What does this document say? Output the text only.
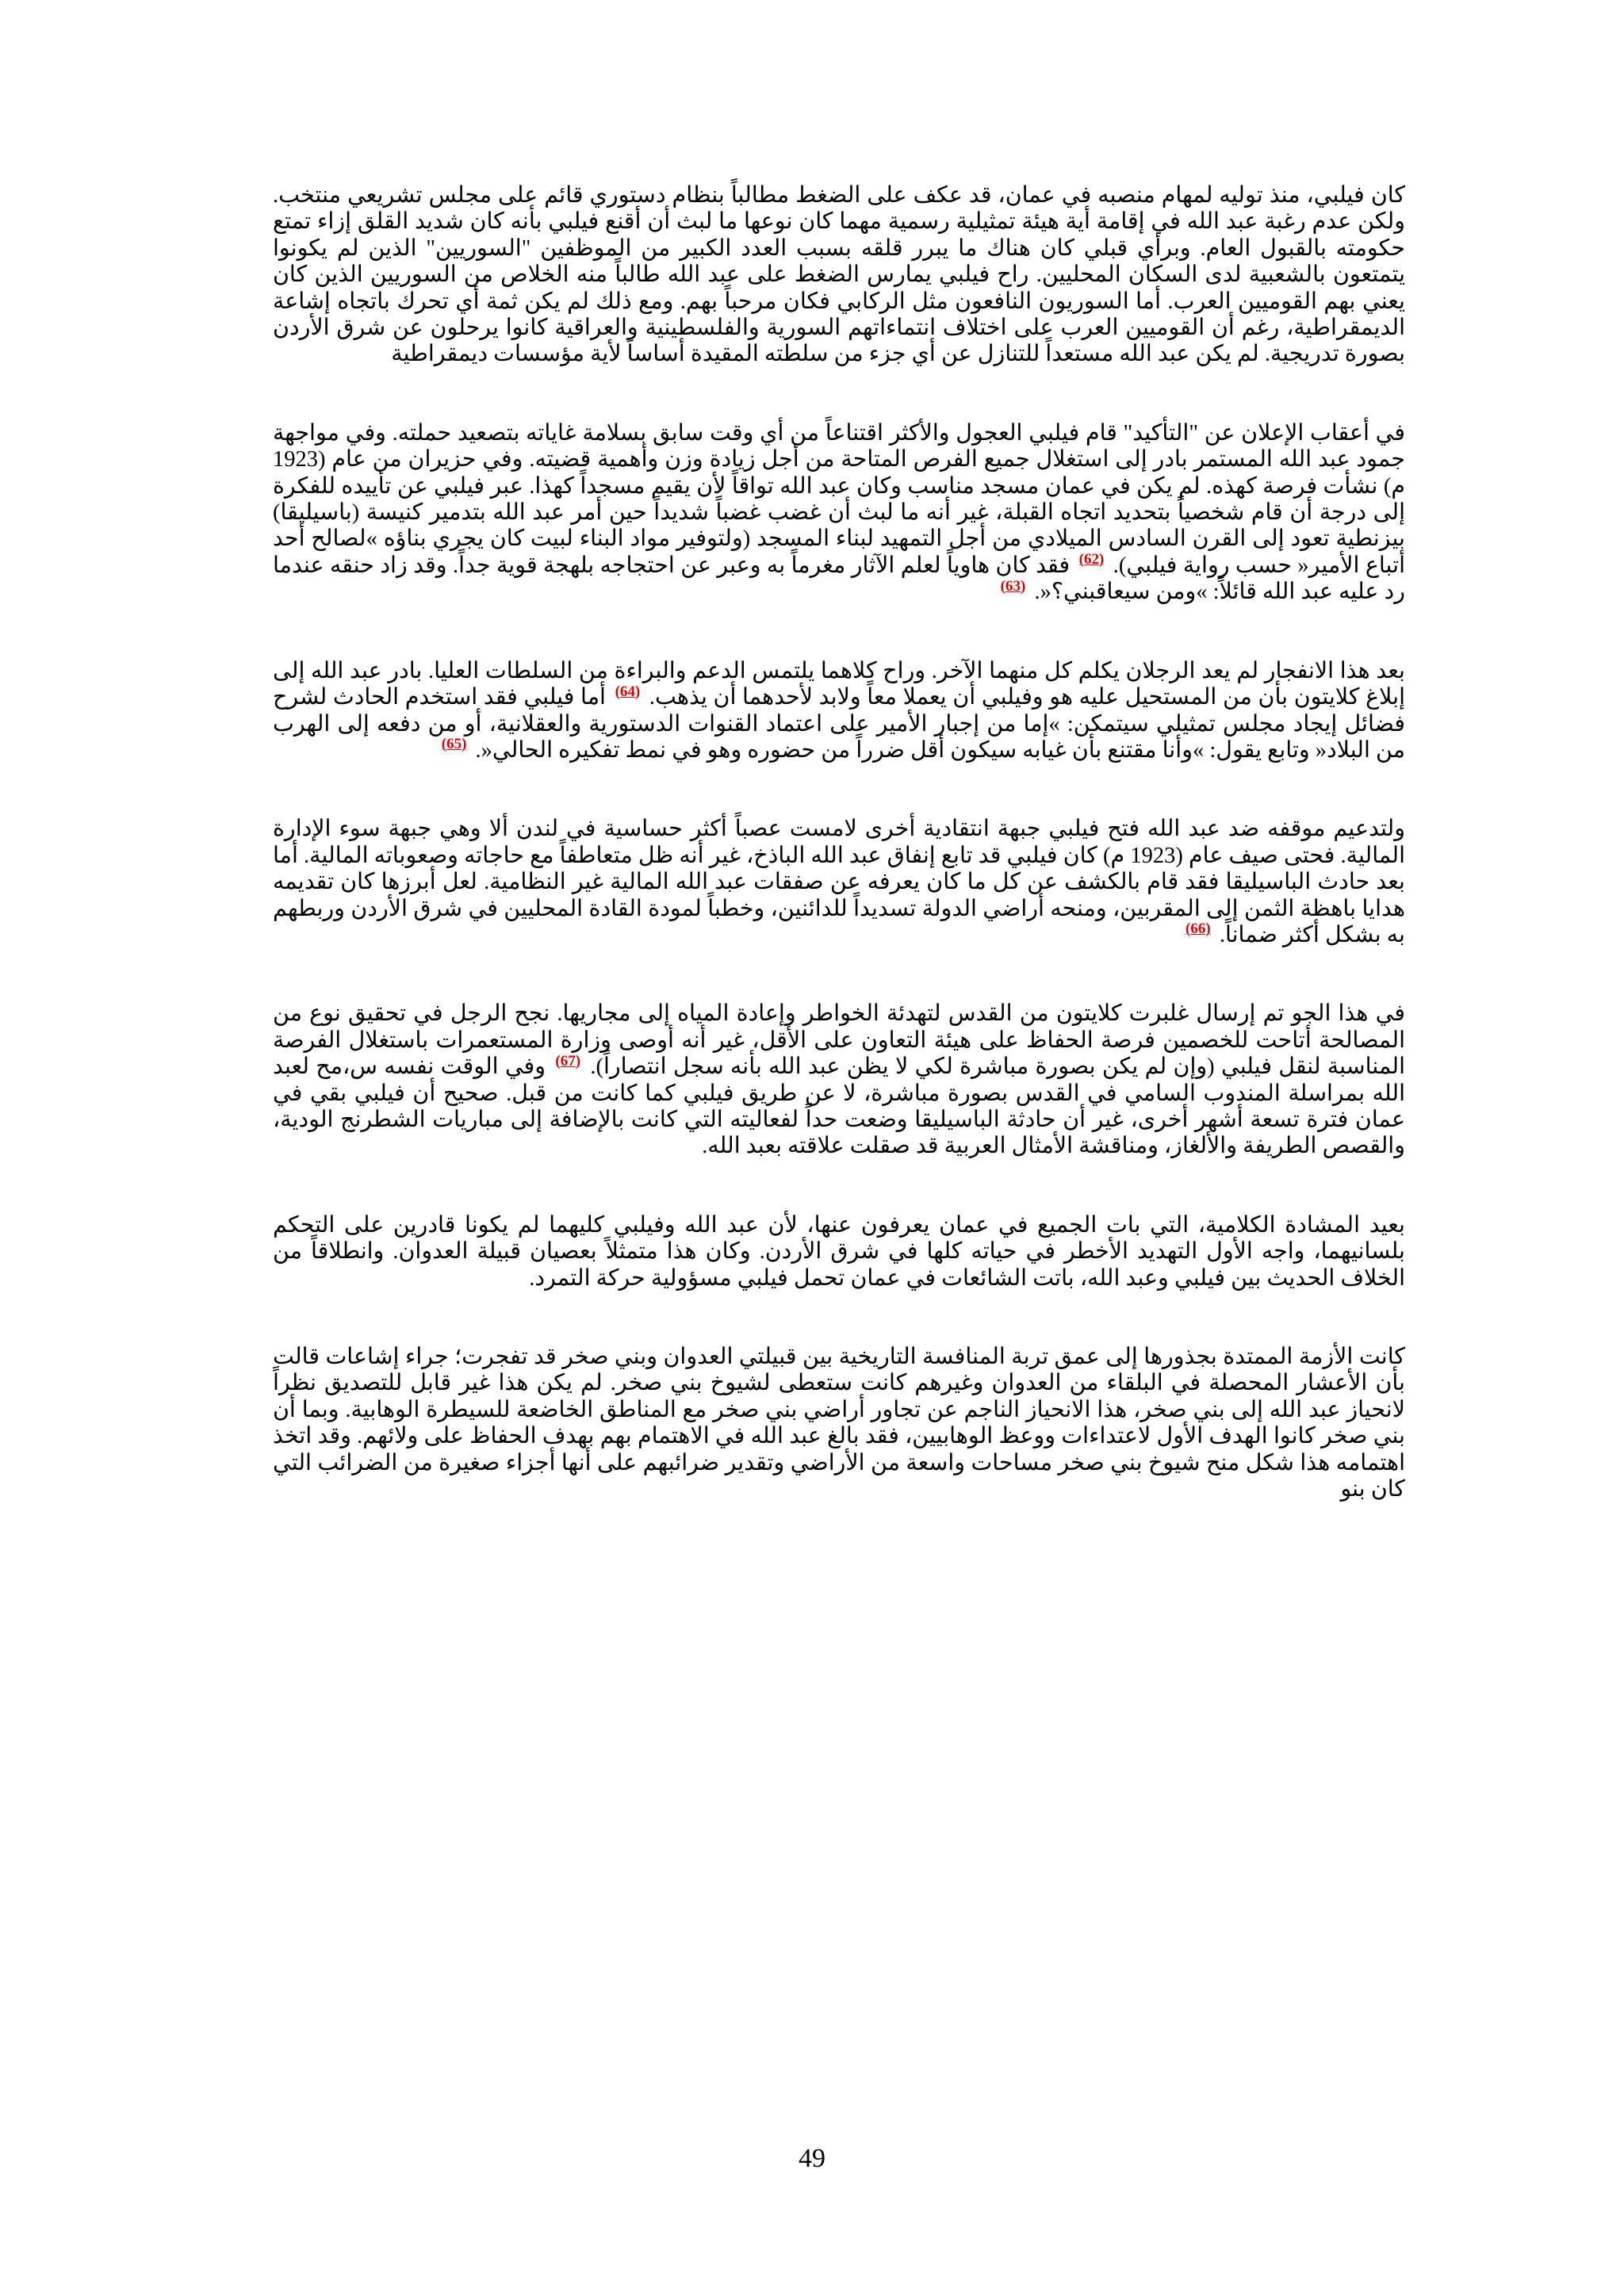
كان فيلبي، منذ توليه لمهام منصبه في عمان، قد عكف على الضغط مطالباً بنظام دستوري قائم على مجلس تشريعي منتخب. ولكن عدم رغبة عبد الله في إقامة أية هيئة تمثيلية رسمية مهما كان نوعها ما لبث أن أقنع فيلبي بأنه كان شديد القلق إزاء تمتع حكومته بالقبول العام. وبرأي قبلي كان هناك ما يبرر قلقه بسبب العدد الكبير من الموظفين "السوريين" الذين لم يكونوا يتمتعون بالشعبية لدى السكان المحليين. راح فيلبي يمارس الضغط على عبد الله طالباً منه الخلاص من السوريين الذين كان يعني بهم القوميين العرب. أما السوريون النافعون مثل الركابي فكان مرحباً بهم. ومع ذلك لم يكن ثمة أي تحرك باتجاه إشاعة الديمقراطية، رغم أن القوميين العرب على اختلاف انتماءاتهم السورية والفلسطينية والعراقية كانوا يرحلون عن شرق الأردن بصورة تدريجية. لم يكن عبد الله مستعداً للتنازل عن أي جزء من سلطته المقيدة أساساً لأية مؤسسات ديمقراطية

في أعقاب الإعلان عن "التأكيد" قام فيلبي العجول والأكثر اقتناعاً من أي وقت سابق بسلامة غاياته بتصعيد حملته. وفي مواجهة جمود عبد الله المستمر بادر إلى استغلال جميع الفرص المتاحة من أجل زيادة وزن وأهمية قضيته. وفي حزيران من عام (1923 م) نشأت فرصة كهذه. لم يكن في عمان مسجد مناسب وكان عبد الله تواقاً لأن يقيم مسجداً كهذا. عبر فيلبي عن تأييده للفكرة إلى درجة أن قام شخصياً بتحديد اتجاه القبلة، غير أنه ما لبث أن غضب غضباً شديداً حين أمر عبد الله بتدمير كنيسة (باسيليقا) بيزنطية تعود إلى القرن السادس الميلادي من أجل التمهيد لبناء المسجد (ولتوفير مواد البناء لبيت كان يجري بناؤه »لصالح أحد أتباع الأمير« حسب رواية فيلبي). $^{(62)}$ فقد كان هاوياً لعلم الآثار مغرماً به وعبر عن احتجاجه بلهجة قوية جداً. وقد زاد حنقه عندما رد عليه عبد الله قائلاً: »ومن سيعاقبني؟«. $^{(63)}$

بعد هذا الانفجار لم يعد الرجلان يكلم كل منهما الآخر. وراح كلاهما يلتمس الدعم والبراءة من السلطات العليا. بادر عبد الله إلى إبلاغ كلايتون بأن من المستحيل عليه هو وفيلبي أن يعملا معاً ولابد لأحدهما أن يذهب. $^{(64)}$ أما فيلبي فقد استخدم الحادث لشرح فضائل إيجاد مجلس تمثيلي سيتمكن: »إما من إجبار الأمير على اعتماد القنوات الدستورية والعقلانية، أو من دفعه إلى الهرب من البلاد« وتابع يقول: »وأنا مقتنع بأن غيابه سيكون أقل ضرراً من حضوره وهو في نمط تفكيره الحالي«. $^{(65)}$

ولتدعيم موقفه ضد عبد الله فتح فيلبي جبهة انتقادية أخرى لامست عصباً أكثر حساسية في لندن ألا وهي جبهة سوء الإدارة المالية. فحتى صيف عام (1923 م) كان فيلبي قد تابع إنفاق عبد الله الباذخ، غير أنه ظل متعاطفاً مع حاجاته وصعوباته المالية. أما بعد حادث الباسيليقا فقد قام بالكشف عن كل ما كان يعرفه عن صفقات عبد الله المالية غير النظامية. لعل أبرزها كان تقديمه هدايا باهظة الثمن إلى المقربين، ومنحه أراضي الدولة تسديداً للدائنين، وخطباً لمودة القادة المحليين في شرق الأردن وربطهم به بشكل أكثر ضماناً. $^{(66)}$

في هذا الجو تم إرسال غلبرت كلايتون من القدس لتهدئة الخواطر وإعادة المياه إلى مجاريها. نجح الرجل في تحقيق نوع من المصالحة أتاحت للخصمين فرصة الحفاظ على هيئة التعاون على الأقل، غير أنه أوصى وزارة المستعمرات باستغلال الفرصة المناسبة لنقل فيلبي (وإن لم يكن بصورة مباشرة لكي لا يظن عبد الله بأنه سجل انتصاراً). $^{(67)}$ وفي الوقت نفسه س،مح لعبد الله بمراسلة المندوب السامي في القدس بصورة مباشرة، لا عن طريق فيلبي كما كانت من قبل. صحيح أن فيلبي بقي في عمان فترة تسعة أشهر أخرى، غير أن حادثة الباسيليقا وضعت حداً لفعاليته التي كانت بالإضافة إلى مباريات الشطرنج الودية، والقصص الطريفة والألغاز، ومناقشة الأمثال العربية قد صقلت علاقته بعبد الله.

بعيد المشادة الكلامية، التي بات الجميع في عمان يعرفون عنها، لأن عبد الله وفيلبي كليهما لم يكونا قادرين على التحكم بلسانيهما، واجه الأول التهديد الأخطر في حياته كلها في شرق الأردن. وكان هذا متمثلاً بعصيان قبيلة العدوان. وانطلاقاً من الخلاف الحديث بين فيلبي وعبد الله، باتت الشائعات في عمان تحمل فيلبي مسؤولية حركة التمرد.

كانت الأزمة الممتدة بجذورها إلى عمق تربة المنافسة التاريخية بين قبيلتي العدوان وبني صخر قد تفجرت؛ جراء إشاعات قالت بأن الأعشار المحصلة في البلقاء من العدوان وغيرهم كانت ستعطى لشيوخ بني صخر. لم يكن هذا غير قابل للتصديق نظراً لانحياز عبد الله إلى بني صخر، هذا الانحياز الناجم عن تجاور أراضي بني صخر مع المناطق الخاضعة للسيطرة الوهابية. وبما أن بني صخر كانوا الهدف الأول لاعتداءات ووعظ الوهابيين، فقد بالغ عبد الله في الاهتمام بهم بهدف الحفاظ على ولائهم. وقد اتخذ اهتمامه هذا شكل منح شيوخ بني صخر مساحات واسعة من الأراضي وتقدير ضرائبهم على أنها أجزاء صغيرة من الضرائب التي كان بنو

49
